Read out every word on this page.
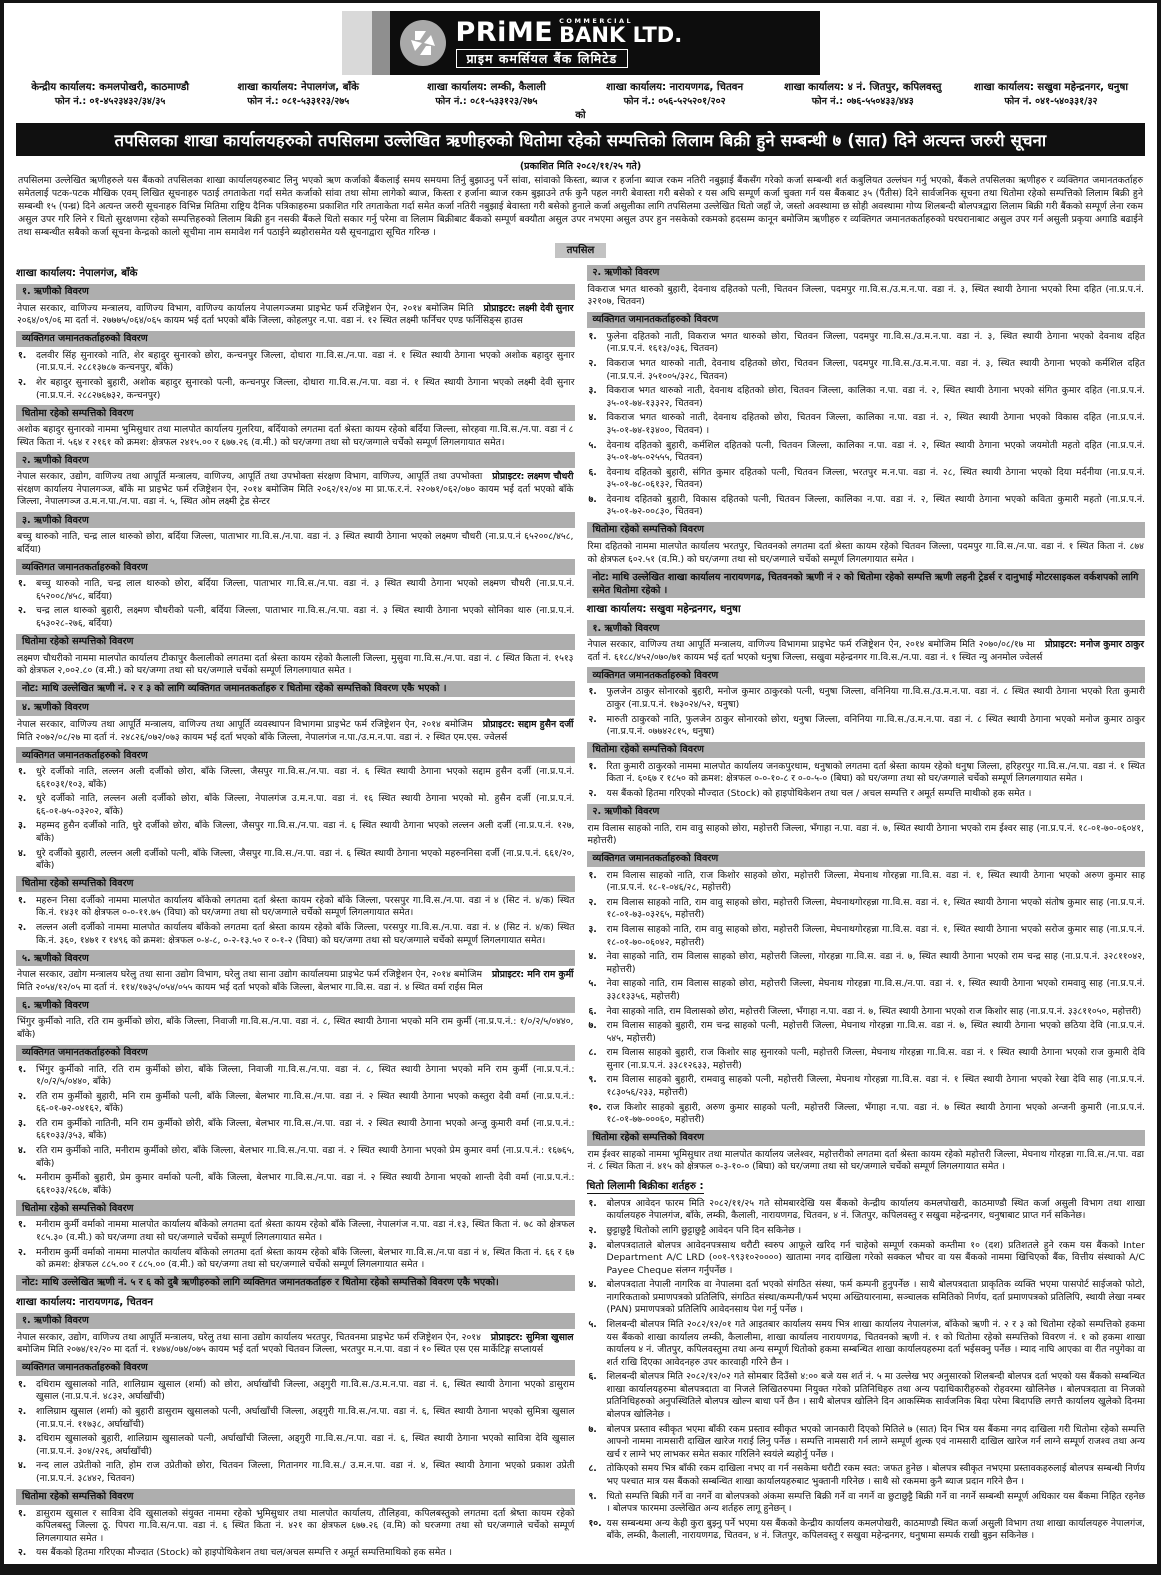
PRiME COMMERCIAL
BANK LTD.
प्राइम कमर्सियल बैंक लिमिटेड
केन्द्रीय कार्यालय: कमलपोखरी, काठमाण्डौ
फोन नं.: ०१-४५२३४३२/३४/३५
शाखा कार्यालय: नेपालगंज, बाँके
फोन नं.: ०८१-५३३१२३/२७५
शाखा कार्यालय: लम्की, कैलाली
फोन नं.: ०८१-५३३१२३/२७५
शाखा कार्यालय: नारायणगढ, चितवन
फोन नं.: ०५६-५२५२०१/२०२
शाखा कार्यालय: ४ नं. जितपुर, कपिलवस्तु
फोन नं.: ०७६-५५०४३३/४४३
शाखा कार्यालय: सखुवा महेन्द्रनगर, धनुषा
फोन नं. ०४१-५४०३३१/३२
को
तपसिलका शाखा कार्यालयहरुको तपसिलमा उल्लेखित ऋणीहरुको धितोमा रहेको सम्पत्तिको लिलाम बिक्री हुने सम्बन्धी ७ (सात) दिने अत्यन्त जरुरी सूचना
(प्रकाशित मिति २०८२/११/२५ गते)
तपसिलमा उल्लेखित ऋणीहरुले यस बैंकको तपसिलका शाखा कार्यालयहरुबाट लिनु भएको ऋण कर्जाको बैंकलाई समय समयमा तिर्नु बुझाउनु पर्ने सांवा, सांवाको किस्ता, ब्याज र हर्जाना ब्याज रकम नतिरी नबुझाई बैंकसँग गरेको कर्जा सम्बन्धी शर्त कबुलियत उल्लंघन गर्नु भएको, बैंकले तपसिलका ऋणीहरु र व्यक्तिगत जमानतकर्ताहरु समेतलाई पटक-पटक मौखिक एवम् लिखित सूचनाहरु पठाई तगताकेता गर्दा समेत कर्जाको सांवा तथा सोमा लागेको ब्याज, किस्ता र हर्जाना ब्याज रकम बुझाउने तर्फ कुनै पहल नगरी बेवास्ता गरी बसेको र यस अघि सम्पूर्ण कर्जा चुक्ता गर्न यस बैंकबाट ३५ (पैंतीस) दिने सार्वजनिक सूचना तथा धितोमा रहेको सम्पत्तिको लिलाम बिक्री हुने सम्बन्धी १५ (पन्ध्र) दिने अत्यन्त जरुरी सूचनाहरु विभिन्न मितिमा राष्ट्रिय दैनिक पत्रिकाहरुमा प्रकाशित गरि तगताकेता गर्दा समेत कर्जा नतिरी नबुझाई बेवास्ता गरी बसेको हुनाले कर्जा असुलीका लागि तपसिलमा उल्लेखित धितो जहाँ जे, जस्तो अवस्थामा छ सोही अवस्थामा गोप्य शिलबन्दी बोलपत्रद्वारा लिलाम बिक्री गरी बैंकको सम्पूर्ण लेना रकम असुल उपर गरि लिने र धितो सुरक्षणमा रहेको सम्पत्तिहरुको लिलाम बिक्री हुन नसकी बैंकले धितो सकार गर्नु परेमा वा लिलाम बिक्रीबाट बैंकको सम्पूर्ण बक्यौता असुल उपर नभएमा असुल उपर हुन नसकेको रकमको हदसम्म कानून बमोजिम ऋणीहरु र व्यक्तिगत जमानतकर्ताहरुको घरघरानाबाट असुल उपर गर्न असुली प्रकृया अगाडि बढाईने तथा सम्बन्धीत सबैको कर्जा सूचना केन्द्रको कालो सूचीमा नाम समावेश गर्न पठाईने ब्यहोरासमेत यसै सूचनाद्वारा सूचित गरिन्छ ।
तपसिल
शाखा कार्यालय: नेपालगंज, बाँके
१. ऋणीको विवरण
प्रोप्राइटर: लक्ष्मी देवी सुनार
नेपाल सरकार, वाणिज्य मन्त्रालय, वाणिज्य विभाग, वाणिज्य कार्यालय नेपालगञ्जमा प्राइभेट फर्म रजिष्ट्रेशन ऐन, २०१४ बमोजिम मिति २०६४/०९/०६ मा दर्ता नं. २७७७५/०६४/०६५ कायम भई दर्ता भएको बाँके जिल्ला, कोहलपुर न.पा. वडा नं. १२ स्थित लक्ष्मी फर्निचर एण्ड फर्निसिङ्स हाउस
व्यक्तिगत जमानतकर्ताहरुको विवरण
१.	दलवीर सिंह सुनारको नाति, शेर बहादुर सुनारको छोरा, कन्चनपुर जिल्ला, दोधारा गा.वि.स./न.पा. वडा नं. १ स्थित स्थायी ठेगाना भएको अशोक बहादुर सुनार (ना.प्र.प.नं. २८८१३७८७ कन्चनपुर, बाँके)
२.	शेर बहादुर सुनारको बुहारी, अशोक बहादुर सुनारको पत्नी, कन्चनपुर जिल्ला, दोधारा गा.वि.स./न.पा. वडा नं. १ स्थित स्थायी ठेगाना भएको लक्ष्मी देवी सुनार (ना.प्र.प.नं. २८८२७६७३२, कन्चनपुर)
धितोमा रहेको सम्पत्तिको विवरण
अशोक बहादुर सुनारको नाममा भुमिसुधार तथा मालपोत कार्यालय गुलरिया, बर्दियाको लगतमा दर्ता श्रेस्ता कायम रहेको बर्दिया जिल्ला, सोरहवा गा.वि.स./न.पा. वडा नं ८ स्थित किता नं. ५६४ र २१६१ को क्रमश: क्षेत्रफल २४१५.०० र ६७७.२६ (व.मी.) को घर/जग्गा तथा सो घर/जग्गाले चर्चेको सम्पूर्ण लिगलगायात समेत।
२. ऋणीको विवरण
प्रोप्राइटर: लक्ष्मण चौधरी
नेपाल सरकार, उद्योग, वाणिज्य तथा आपूर्ति मन्त्रालय, वाणिज्य, आपूर्ति तथा उपभोक्ता संरक्षण विभाग, वाणिज्य, आपूर्ति तथा उपभोक्ता संरक्षण कार्यालय नेपालगञ्ज, बाँके मा प्राइभेट फर्म रजिष्ट्रेशन ऐन, २०१४ बमोजिम मिति २०६२/१२/०४ मा प्रा.फ.र.नं. २२०७१/०६२/०७० कायम भई दर्ता भएको बाँके जिल्ला, नेपालगञ्ज उ.म.न.पा./न.पा. वडा नं. ५, स्थित ओम लक्ष्मी ट्रेड सेन्टर
३. ऋणीको विवरण
बच्चु थारुको नाति, चन्द्र लाल थारुको छोरा, बर्दिया जिल्ला, पाताभार गा.वि.स./न.पा. वडा नं. ३ स्थित स्थायी ठेगाना भएको लक्ष्मण चौधरी (ना.प्र.प.नं ६५२००८/४५८, बर्दिया)
व्यक्तिगत जमानतकर्ताहरुको विवरण
१.	बच्चु थारुको नाति, चन्द्र लाल थारुको छोरा, बर्दिया जिल्ला, पाताभार गा.वि.स./न.पा. वडा नं. ३ स्थित स्थायी ठेगाना भएको लक्ष्मण चौधरी (ना.प्र.प.नं. ६५२००८/४५८, बर्दिया)
२.	चन्द्र लाल थारुको बुहारी, लक्ष्मण चौधरीको पत्नी, बर्दिया जिल्ला, पाताभार गा.वि.स./न.पा. वडा नं. ३ स्थित स्थायी ठेगाना भएको सोनिका थारु (ना.प्र.प.नं. ६५३०२८-२७६, बर्दिया)
धितोमा रहेको सम्पत्तिको विवरण
लक्ष्मण चौधरीको नाममा मालपोत कार्यालय टीकापुर कैलालीको लगतमा दर्ता श्रेस्ता कायम रहेको कैलाली जिल्ला, मुसुवा गा.वि.स./न.पा. वडा नं. ८ स्थित किता नं. १५१३ को क्षेत्रफल २,००२.८० (व.मी.) को घर/जग्गा तथा सो घर/जग्गाले चर्चेको सम्पूर्ण लिगलगायात समेत ।
नोट: माथि उल्लेखित ऋणी नं. २ र ३ को लागि व्यक्तिगत जमानतकर्ताहरु र धितोमा रहेको सम्पत्तिको विवरण एकै भएको ।
४. ऋणीको विवरण
प्रोप्राइटर: सद्दाम हुसैन दर्जी
नेपाल सरकार, वाणिज्य तथा आपूर्ति मन्त्रालय, वाणिज्य तथा आपूर्ति व्यवस्थापन विभागमा प्राइभेट फर्म रजिष्ट्रेशन ऐन, २०१४ बमोजिम मिति २०७२/०८/२७ मा दर्ता नं. २४८२६/०७२/०७३ कायम भई दर्ता भएको बाँके जिल्ला, नेपालगंज न.पा./उ.म.न.पा. वडा नं. २ स्थित एम.एस. ज्वेलर्स
व्यक्तिगत जमानतकर्ताहरुको विवरण
१.	धुरे दर्जीको नाति, लल्लन अली दर्जीको छोरा, बाँके जिल्ला, जैसपुर गा.वि.स./न.पा. वडा नं. ६ स्थित स्थायी ठेगाना भएको सद्दाम हुसैन दर्जी (ना.प्र.प.नं. ६६१०३१/१०३, बाँके)
२.	धुरे दर्जीको नाति, लल्लन अली दर्जीको छोरा, बाँके जिल्ला, नेपालगंज उ.म.न.पा. वडा नं. १६ स्थित स्थायी ठेगाना भएको मो. हुसैन दर्जी (ना.प्र.प.नं. ६६-०१-७५-०३२०२, बाँके)
३.	महम्मद हुसैन दर्जीको नाति, धुरे दर्जीको छोरा, बाँके जिल्ला, जैसपुर गा.वि.स./न.पा. वडा नं. ६ स्थित स्थायी ठेगाना भएको लल्लन अली दर्जी (ना.प्र.प.नं. १२७, बाँके)
४.	धुरे दर्जीको बुहारी, लल्लन अली दर्जीको पत्नी, बाँके जिल्ला, जैसपुर गा.वि.स./न.पा. वडा नं. ६ स्थित स्थायी ठेगाना भएको महरुननिसा दर्जी (ना.प्र.प.नं. ६६१/२०, बाँके)
धितोमा रहेको सम्पत्तिको विवरण
१.	महरुन निसा दर्जीको नाममा मालपोत कार्यालय बाँकेको लगतमा दर्ता श्रेस्ता कायम रहेको बाँके जिल्ला, परसपुर गा.वि.स./न.पा. वडा नं ४ (सिट नं. ४/क) स्थित कि.नं. १४३१ को क्षेत्रफल ०-०-११.७५ (विघा) को घर/जग्गा तथा सो घर/जग्गाले चर्चेको सम्पूर्ण लिगलगायात समेत।
२.	लल्लन अली दर्जीको नाममा मालपोत कार्यालय बाँकेको लगतमा दर्ता श्रेस्ता कायम रहेको बाँके जिल्ला, परसपुर गा.वि.स./न.पा. वडा नं. ४ (सिट नं. ४/क) स्थित कि.नं. ३६०, १४७१ र १४९६ को क्रमश: क्षेत्रफल ०-४-८, ०-२-१३.५० र ०-१-२ (विघा) को घर/जग्गा तथा सो घर/जग्गाले चर्चेको सम्पूर्ण लिगलगायात समेत।
५. ऋणीको विवरण
प्रोप्राइटर: मनि राम कुर्मी
नेपाल सरकार, उद्योग मन्त्रालय घरेलु तथा साना उद्योग विभाग, घरेलु तथा साना उद्योग कार्यालयमा प्राइभेट फर्म रजिष्ट्रेशन ऐन, २०१४ बमोजिम मिति २०५४/१२/०५ मा दर्ता नं. ११४/१७३५/०५४/०५५ कायम भई दर्ता भएको बाँके जिल्ला, बेलभार गा.वि.स. वडा नं. ४ स्थित वर्मा राईस मिल
६. ऋणीको विवरण
भिंगुर कुर्मीको नाति, रति राम कुर्मीको छोरा, बाँके जिल्ला, निवाजी गा.वि.स./न.पा. वडा नं. ८, स्थित स्थायी ठेगाना भएको मनि राम कुर्मी (ना.प्र.प.नं.: १/०/२/५/०४४०, बाँके)
व्यक्तिगत जमानतकर्ताहरुको विवरण
१.	भिंगुर कुर्मीको नाति, रति राम कुर्मीको छोरा, बाँके जिल्ला, निवाजी गा.वि.स./न.पा. वडा नं. ८, स्थित स्थायी ठेगाना भएको मनि राम कुर्मी (ना.प्र.प.नं.: १/०/२/५/०४४०, बाँके)
२.	रति राम कुर्मीको बुहारी, मनि राम कुर्मीको पत्नी, बाँके जिल्ला, बेलभार गा.वि.स./न.पा. वडा नं. २ स्थित स्थायी ठेगाना भएको कस्तुरा देवी वर्मा (ना.प्र.प.नं.: ६६-०१-७२-०४१६२, बाँके)
३.	रति राम कुर्मीको नातिनी, मनि राम कुर्मीको छोरी, बाँके जिल्ला, बेलभार गा.वि.स./न.पा. वडा नं. २ स्थित स्थायी ठेगाना भएको अन्जु कुमारी वर्मा (ना.प्र.प.नं.: ६६१०३३/३५३, बाँके)
४.	रति राम कुर्मीको नाति, मनीराम कुर्मीको छोरा, बाँके जिल्ला, बेलभार गा.वि.स./न.पा. वडा नं. २ स्थित स्थायी ठेगाना भएको प्रेम कुमार वर्मा (ना.प्र.प.नं.: १६७६५, बाँके)
५.	मनीराम कुर्मीको बुहारी, प्रेम कुमार वर्माको पत्नी, बाँके जिल्ला, बेलभार गा.वि.स./न.पा. वडा नं. २ स्थित स्थायी ठेगाना भएको शान्ती देवी वर्मा (ना.प्र.प.नं.: ६६१०३३/२६८७, बाँके)
धितोमा रहेको सम्पत्तिको विवरण
१.	मनीराम कुर्मी वर्माको नाममा मालपोत कार्यालय बाँकेको लगतमा दर्ता श्रेस्ता कायम रहेको बाँके जिल्ला, नेपालगंज न.पा. वडा नं.१३, स्थित किता नं. ७८ को क्षेत्रफल १८५.३० (व.मी.) को घर/जग्गा तथा सो घर/जग्गाले चर्चेको सम्पूर्ण लिगलगायात समेत ।
२.	मनीराम कुर्मी वर्माको नाममा मालपोत कार्यालय बाँकेको लगतमा दर्ता श्रेस्ता कायम रहेको बाँके जिल्ला, बेलभार गा.वि.स./न.पा वडा नं ४, स्थित किता नं. ६६ र ६७ को क्रमश: क्षेत्रफल ८८५.०० र ८८५.०० (व.मी.) को घर/जग्गा तथा सो घर/जग्गाले चर्चेको सम्पूर्ण लिगलगायात समेत ।
नोट: माथि उल्लेखित ऋणी नं. ५ र ६ को दुबै ऋणीहरुको लागि व्यक्तिगत जमानतकर्ताहरु र धितोमा रहेको सम्पत्तिको विवरण एकै भएको।
शाखा कार्यालय: नारायणगढ, चितवन
१. ऋणीको विवरण
प्रोप्राइटर: सुमित्रा खुसाल
नेपाल सरकार, उद्योग, वाणिज्य तथा आपूर्ति मन्त्रालय, घरेलु तथा साना उद्योग कार्यालय भरतपुर, चितवनमा प्राइभेट फर्म रजिष्ट्रेशन ऐन, २०१४ बमोजिम मिति २०७४/१२/२० मा दर्ता नं. १४७४/०७४/०७५ कायम भई दर्ता भएको चितवन जिल्ला, भरतपुर म.न.पा. वडा नं १० स्थित एस एस मार्केटिङ्ग सप्लायर्स
व्यक्तिगत जमानतकर्ताहरुको विवरण
१.	दधिराम खुसालको नाति, शालिग्राम खुसाल (शर्मा) को छोरा, अर्घाखाँची जिल्ला, अड्गुरी गा.वि.स./उ.म.न.पा. वडा नं. ६, स्थित स्थायी ठेगाना भएको डासुराम खुसाल (ना.प्र.प.नं. ४८३२, अर्घाखाँची)
२.	शालिग्राम खुसाल (शर्मा) को बुहारी डासुराम खुसालको पत्नी, अर्घाखाँची जिल्ला, अड्गुरी गा.वि.स./न.पा. वडा नं. ६, स्थित स्थायी ठेगाना भएको सुमित्रा खुसाल (ना.प्र.प.नं. ११७३८, अर्घाखाँची)
३.	दधिराम खुसालको बुहारी, शालिग्राम खुसालको पत्नी, अर्घाखाँची जिल्ला, अड्गुरी गा.वि.स./न.पा. वडा नं. ६, स्थित स्थायी ठेगाना भएको सावित्रा देवि खुसाल (ना.प्र.प.नं. ३०४/२२६, अर्घाखाँची)
४.	नन्द लाल उप्रेतीको नाति, होम राज उप्रेतीको छोरा, चितवन जिल्ला, गितानगर गा.वि.स./ उ.म.न.पा. वडा नं. ४, स्थित स्थायी ठेगाना भएको प्रकाश उप्रेती (ना.प्र.प.नं. ३८४४२, चितवन)
धितोमा रहेको सम्पत्तिको विवरण
१.	डासुराम खुसाल र सावित्रा देवि खुसालको संयुक्त नाममा रहेको भुमिसुधार तथा मालपोत कार्यालय, तौलिहवा, कपिलबस्तुको लगतमा दर्ता श्रेष्ता कायम रहेको कपिलबस्तु जिल्ला ठू. पिपरा गा.वि.स/न.पा. वडा नं. ६ स्थित किता नं. ४२१ का क्षेत्रफल ६७७.२६ (व.मि) को घरजग्गा तथा सो घर/जग्गाले चर्चेको सम्पूर्ण लिगलगायात समेत ।
२.	यस बैंकको हितमा गरिएका मौज्दात (Stock) को हाइपोथिकेशन तथा चल/अचल सम्पत्ति र अमूर्त सम्पत्तिमाथिको हक समेत ।
२. ऋणीको विवरण
विकराज भगत थारुको बुहारी, देवनाथ दहितको पत्नी, चितवन जिल्ला, पदमपुर गा.वि.स./उ.म.न.पा. वडा नं. ३, स्थित स्थायी ठेगाना भएको रिमा दहित (ना.प्र.प.नं. ३२१०७, चितवन)
व्यक्तिगत जमानतकर्ताहरुको विवरण
१.	फुलेना दहितको नाती, विकराज भगत थारुको छोरा, चितवन जिल्ला, पदमपुर गा.वि.स./उ.म.न.पा. वडा नं. ३, स्थित स्थायी ठेगाना भएको देवनाथ दहित (ना.प्र.प.नं. १६१३/०३६, चितवन)
२.	विकराज भगत थारुको नाती, देवनाथ दहितको छोरा, चितवन जिल्ला, पदमपुर गा.वि.स./उ.म.न.पा. वडा नं. ३, स्थित स्थायी ठेगाना भएको कर्मशिल दहित (ना.प्र.प.नं. ३५१००५/३२८, चितवन)
३.	विकराज भगत थारुको नाती, देवनाथ दहितको छोरा, चितवन जिल्ला, कालिका न.पा. वडा नं. २, स्थित स्थायी ठेगाना भएको संगित कुमार दहित (ना.प्र.प.नं. ३५-०१-७४-१३३२२, चितवन)
४.	विकराज भगत थारुको नाती, देवनाथ दहितको छोरा, चितवन जिल्ला, कालिका न.पा. वडा नं. २, स्थित स्थायी ठेगाना भएको विकास दहित (ना.प्र.प.नं. ३५-०१-७४-१३४००, चितवन) ।
५.	देवनाथ दहितको बुहारी, कर्मशिल दहितको पत्नी, चितवन जिल्ला, कालिका न.पा. वडा नं. २, स्थित स्थायी ठेगाना भएको जयमोती महतो दहित (ना.प्र.प.नं. ३५-०१-७५-०२५५५, चितवन)
६.	देवनाथ दहितको बुहारी, संगित कुमार दहितको पत्नी, चितवन जिल्ला, भरतपुर म.न.पा. वडा नं. २८, स्थित स्थायी ठेगाना भएको दिया मर्दनीया (ना.प्र.प.नं. ३५-०१-७८-०६१३२, चितवन)
७.	देवनाथ दहितको बुहारी, विकास दहितको पत्नी, चितवन जिल्ला, कालिका न.पा. वडा नं. २, स्थित स्थायी ठेगाना भएको कविता कुमारी महतो (ना.प्र.प.नं. ३५-०१-७२-००८३०, चितवन)
धितोमा रहेको सम्पत्तिको विवरण
रिमा दहितको नाममा मालपोत कार्यालय भरतपुर, चितवनको लगतमा दर्ता श्रेस्ता कायम रहेको चितवन जिल्ला, पदमपुर गा.वि.स./न.पा. वडा नं. १ स्थित किता नं. ८७४ को क्षेत्रफल ६०२.५१ (व.मि.) को घर/जग्गा तथा सो घर/जग्गाले चर्चेको सम्पूर्ण लिगलगायात समेत ।
नोट: माथि उल्लेखित शाखा कार्यालय नारायणगढ, चितवनको ऋणी नं २ को धितोमा रहेको सम्पत्ति ऋणी लहनी ट्रेडर्स र दानुभाई मोटरसाइकल वर्कशपको लागि समेत धितोमा रहेको ।
शाखा कार्यालय: सखुवा महेन्द्रनगर, धनुषा
१. ऋणीको विवरण
प्रोप्राइटर: मनोज कुमार ठाकुर
नेपाल सरकार, वाणिज्य तथा आपूर्ति मन्त्रालय, वाणिज्य विभागमा प्राइभेट फर्म रजिष्ट्रेशन ऐन, २०१४ बमोजिम मिति २०७०/०८/१७ मा दर्ता नं. ६१८८/४५२/०७०/७१ कायम भई दर्ता भएको धनुषा जिल्ला, सखुवा महेन्द्रनगर गा.वि.स./न.पा. वडा नं. १ स्थित न्यु अनमोल ज्वेलर्स
व्यक्तिगत जमानतकर्ताहरुको विवरण
१.	फुलजेन ठाकुर सोनारको बुहारी, मनोज कुमार ठाकुरको पत्नी, धनुषा जिल्ला, वनिनिया गा.वि.स./उ.म.न.पा. वडा नं. ८ स्थित स्थायी ठेगाना भएको रिता कुमारी ठाकुर (ना.प्र.प.नं. १७३०२४/५२, धनुषा)
२.	मारुती ठाकुरको नाति, फुलजेन ठाकुर सोनारको छोरा, धनुषा जिल्ला, वनिनिया गा.वि.स./उ.म.न.पा. वडा नं. ८ स्थित स्थायी ठेगाना भएको मनोज कुमार ठाकुर (ना.प्र.प.नं. ०७७४२८१५, धनुषा)
धितोमा रहेको सम्पत्तिको विवरण
१.	रिता कुमारी ठाकुरको नाममा मालपोत कार्यालय जनकपुरधाम, धनुषाको लगतमा दर्ता श्रेस्ता कायम रहेको धनुषा जिल्ला, हरिहरपुर गा.वि.स./न.पा. वडा नं. १ स्थित किता नं. ६०६७ र १८५० को क्रमश: क्षेत्रफल ०-०-१०-८ र ०-०-५-० (बिघा) को घर/जग्गा तथा सो घर/जग्गाले चर्चेको सम्पूर्ण लिगलगायात समेत ।
२.	यस बैंकको हितमा गरिएको मौज्दात (Stock) को हाइपोथिकेशन तथा चल / अचल सम्पत्ति र अमूर्त सम्पत्ति माथीको हक समेत ।
२. ऋणीको विवरण
राम विलास साहको नाति, राम वावु साहको छोरा, महोत्तरी जिल्ला, भँगाहा न.पा. वडा नं. ७, स्थित स्थायी ठेगाना भएको राम ईश्वर साह (ना.प्र.प.नं. १८-०१-७०-०६०४१, महोत्तरी)
व्यक्तिगत जमानतकर्ताहरुको विवरण
१.	राम विलास साहको नाति, राज किशोर साहको छोरा, महोत्तरी जिल्ला, मेघनाथ गोरहन्ना गा.वि.स. वडा नं. १, स्थित स्थायी ठेगाना भएको अरुण कुमार साह (ना.प्र.प.नं. १८-१-०४६/२८, महोत्तरी)
२.	राम विलास साहको नाति, राम वावु साहको छोरा, महोत्तरी जिल्ला, मेघनाथगोरहन्ना गा.वि.स. वडा नं. १, स्थित स्थायी ठेगाना भएको संतोष कुमार साह (ना.प्र.प.नं. १८-०१-७३-०३२६५, महोत्तरी)
३.	राम विलास साहको नाति, राम वावु साहको छोरा, महोत्तरी जिल्ला, मेघनाथगोरहन्ना गा.वि.स. वडा नं. १, स्थित स्थायी ठेगाना भएको सरोज कुमार साह (ना.प्र.प.नं. १८-०१-७०-०६०४२, महोत्तरी)
४.	नेवा साहको नाति, राम विलास साहको छोरा, महोत्तरी जिल्ला, गोरहन्ना गा.वि.स. वडा नं. ७, स्थित स्थायी ठेगाना भएको राम चन्द्र साह (ना.प्र.प.नं. ३२८११०४२, महोत्तरी)
५.	नेवा साहको नाति, राम विलास साहको छोरा, महोत्तरी जिल्ला, मेघनाथ गोरहन्ना गा.वि.स./न.पा. वडा नं. १, स्थित स्थायी ठेगाना भएको रामवावु साह (ना.प्र.प.नं. ३३८१३३५६, महोत्तरी)
६.	नेवा साहको नाति, राम विलासको छोरा, महोत्तरी जिल्ला, भँगाहा न.पा. वडा नं. ७, स्थित स्थायी ठेगाना भएको राज किशोर साह (ना.प्र.प.नं. ३३८११०५०, महोत्तरी)
७.	राम विलास साहको बुहारी, राम चन्द्र साहको पत्नी, महोत्तरी जिल्ला, मेघनाथ गोरहन्ना गा.वि.स. वडा नं. ७, स्थित स्थायी ठेगाना भएको छठिया देवि (ना.प्र.प.नं. ५४५, महोत्तरी)
८.	राम विलास साहको बुहारी, राज किशोर साह सुनारको पत्नी, महोत्तरी जिल्ला, मेघनाथ गोरहन्ना गा.वि.स. वडा नं. १ स्थित स्थायी ठेगाना भएको राज कुमारी देवि सुनार (ना.प्र.प.नं. ३३८१२६३३, महोत्तरी)
९.	राम विलास साहको बुहारी, रामवावु साहको पत्नी, महोत्तरी जिल्ला, मेघनाथ गोरहन्ना गा.वि.स. वडा नं. १ स्थित स्थायी ठेगाना भएको रेखा देवि साह (ना.प्र.प.नं. १८३०५६/२३३, महोत्तरी)
१०. राज किशोर साहको बुहारी, अरुण कुमार साहको पत्नी, महोत्तरी जिल्ला, भँगाहा न.पा. वडा नं. ७ स्थित स्थायी ठेगाना भएको अन्जनी कुमारी (ना.प्र.प.नं. १८-०१-७७-०००६०, महोत्तरी)
धितोमा रहेको सम्पत्तिको विवरण
राम ईश्वर साहको नाममा भूमिसुधार तथा मालपोत कार्यालय जलेश्वर, महोत्तरीको लगतमा दर्ता श्रेस्ता कायम रहेको महोत्तरी जिल्ला, मेघनाथ गोरहन्ना गा.वि.स./न.पा. वडा नं. ८ स्थित किता नं. ४१५ को क्षेत्रफल ०-३-१०-० (बिघा) को घर/जग्गा तथा सो घर/जग्गाले चर्चेको सम्पूर्ण लिगलगायात समेत ।
धितो लिलामी बिक्रीका शर्तहरु :
१.	बोलपत्र आवेदन फारम मिति २०८२/११/२५ गते सोमबारदेखि यस बैंकको केन्द्रीय कार्यालय कमलपोखरी, काठमाण्डौ स्थित कर्जा असुली विभाग तथा शाखा कार्यालयहरु नेपालगंज, बाँके, लम्की, कैलाली, नारायणगढ, चितवन, ४ नं. जितपुर, कपिलवस्तु र सखुवा महेन्द्रनगर, धनुषाबाट प्राप्त गर्न सकिनेछ।
२.	छुट्टाछुट्टै धितोको लागि छुट्टाछुट्टै आवेदन पनि दिन सकिनेछ ।
३.	बोलपत्रदाताले बोलपत्र आवेदनपत्रसाथ धरौटी स्वरुप आफूले खरिद गर्न चाहेको सम्पूर्ण रकमको कम्तीमा १० (दश) प्रतिशतले हुने रकम यस बैंकको Inter Department A/C LRD (००१-९९३१०२००००) खातामा नगद दाखिला गरेको सक्कल भौचर वा यस बैंकको नाममा खिचिएको बैंक, वित्तीय संस्थाको A/C Payee Cheque संलग्न गर्नुपर्नेछ ।
४.	बोलपत्रदाता नेपाली नागरिक वा नेपालमा दर्ता भएको संगठित संस्था, फर्म कम्पनी हुनुपर्नेछ । साथै बोलपत्रदाता प्राकृतिक व्यक्ति भएमा पासपोर्ट साईजको फोटो, नागरिकताको प्रमाणपत्रको प्रतिलिपि, संगठित संस्था/कम्पनी/फर्म भएमा अख्तियारनामा, सञ्चालक समितिको निर्णय, दर्ता प्रमाणपत्रको प्रतिलिपि, स्थायी लेखा नम्बर (PAN) प्रमाणपत्रको प्रतिलिपि आवेदनसाथ पेश गर्नु पर्नेछ ।
५.	शिलबन्दी बोलपत्र मिति २०८२/१२/०१ गते आइतबार कार्यालय समय भित्र शाखा कार्यालय नेपालगंज, बाँकेको ऋणी नं. २ र ३ को धितोमा रहेको सम्पत्तिको हकमा यस बैंकको शाखा कार्यालय लम्की, कैलालीमा, शाखा कार्यालय नारायणगढ, चितवनको ऋणी नं. १ को धितोमा रहेको सम्पत्तिको विवरण नं. १ को हकमा शाखा कार्यालय ४ नं. जीतपुर, कपिलवस्तुमा तथा अन्य सम्पूर्ण धितोको हकमा सम्बन्धित शाखा कार्यालयहरुमा दर्ता भईसक्नु पर्नेछ । म्याद नाघि आएका वा रीत नपुगेका वा शर्त राखि दिएका आवेदनहरु उपर कारवाही गरिने छैन ।
६.	शिलबन्दी बोलपत्र मिति २०८२/१२/०२ गते सोमबार दिउँसो ४:०० बजे यस शर्त नं. ५ मा उल्लेख भए अनुसारको शिलबन्दी बोलपत्र दर्ता भएको यस बैंकको सम्बन्धित शाखा कार्यालयहरुमा बोलपत्रदाता वा निजले लिखितरुपमा नियुक्त गरेको प्रतिनिधिहरु तथा अन्य पदाधिकारीहरुको रोहवरमा खोलिनेछ । बोलपत्रदाता वा निजको प्रतिनिधिहरुको अनुपस्थितिले बोलपत्र खोल्न बाधा पर्ने छैन । साथै बोलपत्र खोलिने दिन आकस्मिक सार्वजनिक बिदा परेमा बिदापछि लगत्तै कार्यालय खुलेको दिनमा बोलपत्र खोलिनेछ ।
७.	बोलपत्र प्रस्ताव स्वीकृत भएमा बाँकी रकम प्रस्ताव स्वीकृत भएको जानकारी दिएको मितिले ७ (सात) दिन भित्र यस बैंकमा नगद दाखिला गरी धितोमा रहेको सम्पत्ति आफ्नो नाममा नामसारी दाखिल खारेज गराई लिनु पर्नेछ । सम्पत्ति नामसारी गर्न लाग्ने सम्पूर्ण शुल्क एवं नामसारी दाखिल खारेज गर्न लाग्ने सम्पूर्ण राजश्व तथा अन्य खर्च र लाग्ने भए लाभकर समेत सकार गरिलिने स्वयंले ब्यहोर्नु पर्नेछ ।
८.	तोकिएको समय भित्र बाँकी रकम दाखिला नभए वा गर्न नसकेमा धरौटी रकम स्वत: जफत हुनेछ । बोलपत्र स्वीकृत नभएमा प्रस्तावकहरुलाई बोलपत्र सम्बन्धी निर्णय भए पश्चात मात्र यस बैंकको सम्बन्धित शाखा कार्यालयहरुबाट भुक्तानी गरिनेछ । साथै सो रकममा कुनै ब्याज प्रदान गरिने छैन ।
९.	धितो सम्पत्ति बिक्री गर्ने वा नगर्ने वा बोलपत्रको अंकमा सम्पत्ति बिक्री गर्ने वा नगर्ने वा छुटाछुट्टै बिक्री गर्ने वा नगर्ने सम्बन्धी सम्पूर्ण अधिकार यस बैंकमा निहित रहनेछ । बोलपत्र फारममा उल्लेखित अन्य शर्तहरु लागू हुनेछन् ।
१०. यस सम्बन्धमा अन्य केही कुरा बुझ्नु पर्ने भएमा यस बैंकको केन्द्रीय कार्यालय कमलपोखरी, काठमाण्डौ स्थित कर्जा असुली विभाग तथा शाखा कार्यालयहरु नेपालगंज, बाँके, लम्की, कैलाली, नारायणगढ, चितवन, ४ नं. जितपुर, कपिलवस्तु र सखुवा महेन्द्रनगर, धनुषामा सम्पर्क राखी बुझ्न सकिनेछ ।
